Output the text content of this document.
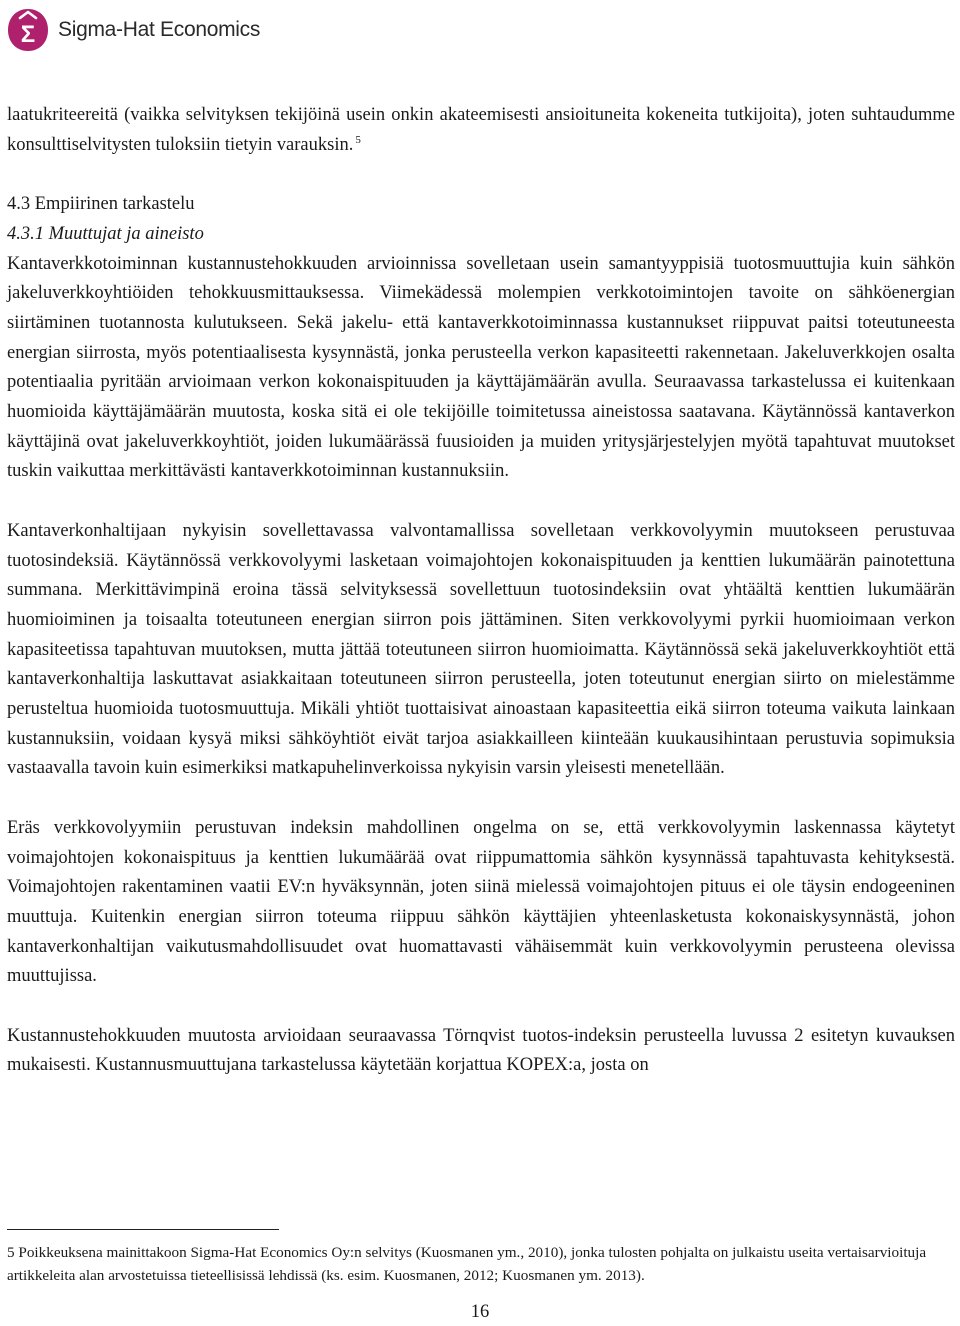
Σ Sigma-Hat Economics

laatukriteereitä (vaikka selvityksen tekijöinä usein onkin akateemisesti ansioituneita kokeneita tutkijoita), joten suhtaudumme konsulttiselvitysten tuloksiin tietyin varauksin. $^5$

4.3 Empiirinen tarkastelu

4.3.1 Muuttujat ja aineisto

Kantaverkkotoiminnan kustannustehokkuuden arvioinnissa sovelletaan usein samantyyppisiä tuotosmuuttujia kuin sähkön jakeluverkkoyhtiöiden tehokkuusmittauksessa. Viimekädessä molempien verkkotoimintojen tavoite on sähköenergian siirtäminen tuotannosta kulutukseen. Sekä jakelu- että kantaverkkotoiminnassa kustannukset riippuvat paitsi toteutuneesta energian siirrosta, myös potentiaalisesta kysynnästä, jonka perusteella verkon kapasiteetti rakennetaan. Jakeluverkkojen osalta potentiaalia pyritään arvioimaan verkon kokonaispituuden ja käyttäjämäärän avulla. Seuraavassa tarkastelussa ei kuitenkaan huomioida käyttäjämäärän muutosta, koska sitä ei ole tekijöille toimitetussa aineistossa saatavana. Käytännössä kantaverkon käyttäjinä ovat jakeluverkkoyhtiöt, joiden lukumäärässä fuusioiden ja muiden yritysjärjestelyjen myötä tapahtuvat muutokset tuskin vaikuttaa merkittävästi kantaverkkotoiminnan kustannuksiin.

Kantaverkonhaltijaan nykyisin sovellettavassa valvontamallissa sovelletaan verkkovolyymin muutokseen perustuvaa tuotosindeksiä. Käytännössä verkkovolyymi lasketaan voimajohtojen kokonaispituuden ja kenttien lukumäärän painotettuna summana. Merkittävimpinä eroina tässä selvityksessä sovellettuun tuotosindeksiin ovat yhtäältä kenttien lukumäärän huomioiminen ja toisaalta toteutuneen energian siirron pois jättäminen. Siten verkkovolyymi pyrkii huomioimaan verkon kapasiteetissa tapahtuvan muutoksen, mutta jättää toteutuneen siirron huomioimatta. Käytännössä sekä jakeluverkkoyhtiöt että kantaverkonhaltija laskuttavat asiakkaitaan toteutuneen siirron perusteella, joten toteutunut energian siirto on mielestämme perusteltua huomioida tuotosmuuttuja. Mikäli yhtiöt tuottaisivat ainoastaan kapasiteettia eikä siirron toteuma vaikuta lainkaan kustannuksiin, voidaan kysyä miksi sähköyhtiöt eivät tarjoa asiakkailleen kiinteään kuukausihintaan perustuvia sopimuksia vastaavalla tavoin kuin esimerkiksi matkapuhelinverkoissa nykyisin varsin yleisesti menetellään.

Eräs verkkovolyymiin perustuvan indeksin mahdollinen ongelma on se, että verkkovolyymin laskennassa käytetyt voimajohtojen kokonaispituus ja kenttien lukumäärää ovat riippumattomia sähkön kysynnässä tapahtuvasta kehityksestä. Voimajohtojen rakentaminen vaatii EV:n hyväksynnän, joten siinä mielessä voimajohtojen pituus ei ole täysin endogeeninen muuttuja. Kuitenkin energian siirron toteuma riippuu sähkön käyttäjien yhteenlasketusta kokonaiskysynnästä, johon kantaverkonhaltijan vaikutusmahdollisuudet ovat huomattavasti vähäisemmät kuin verkkovolyymin perusteena olevissa muuttujissa.

Kustannustehokkuuden muutosta arvioidaan seuraavassa Törnqvist tuotos-indeksin perusteella luvussa 2 esitetyn kuvauksen mukaisesti. Kustannusmuuttujana tarkastelussa käytetään korjattua KOPEX:a, josta on

5 Poikkeuksena mainittakoon Sigma-Hat Economics Oy:n selvitys (Kuosmanen ym., 2010), jonka tulosten pohjalta on julkaistu useita vertaisarvioituja artikkeleita alan arvostetuissa tieteellisissä lehdissä (ks. esim. Kuosmanen, 2012; Kuosmanen ym. 2013).

16
